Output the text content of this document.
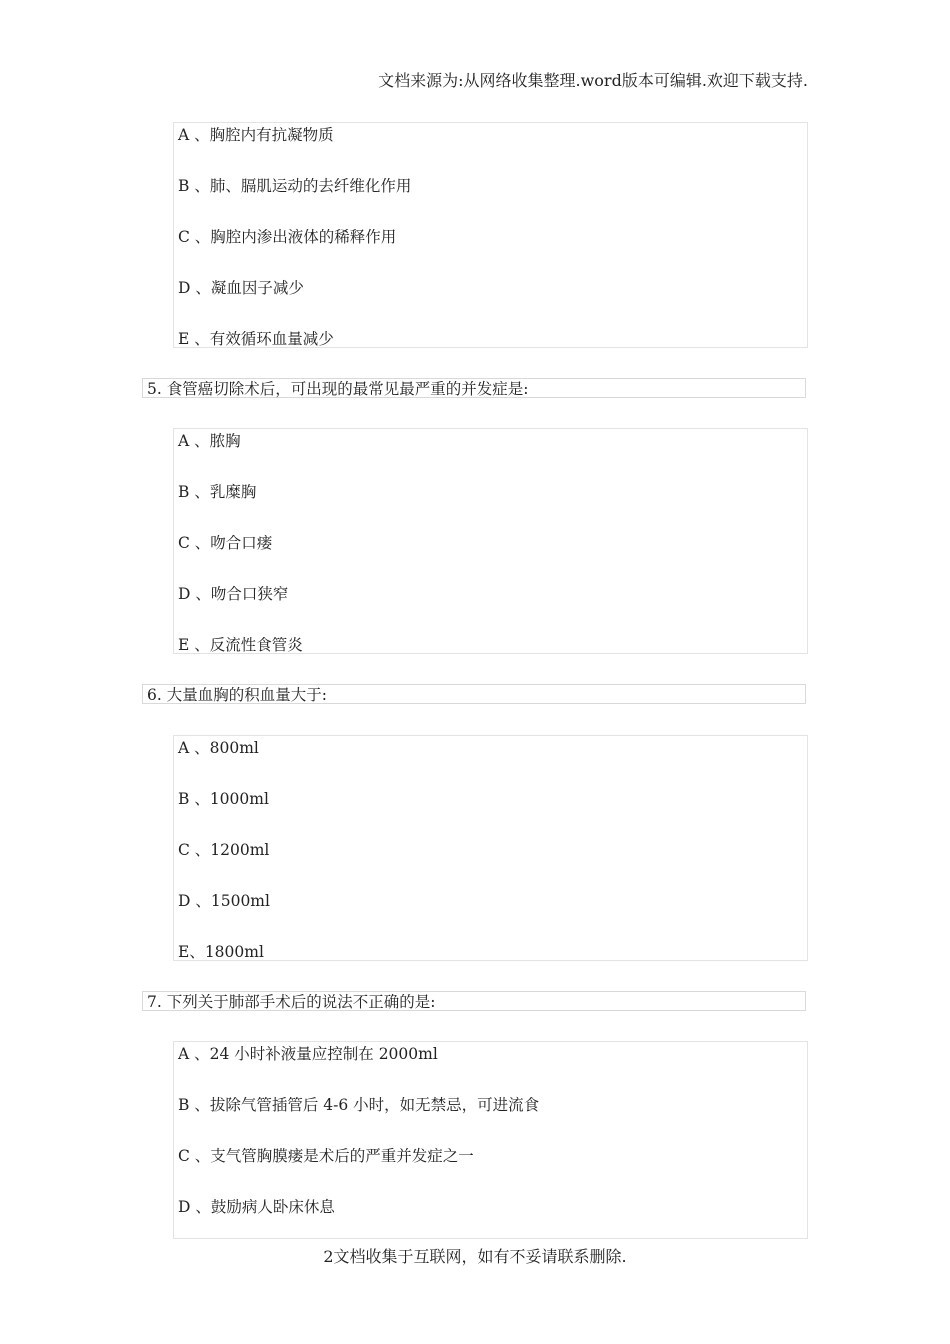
文档来源为:从网络收集整理.word版本可编辑.欢迎下载支持.
A 、胸腔内有抗凝物质
B 、肺、膈肌运动的去纤维化作用
C 、胸腔内渗出液体的稀释作用
D 、凝血因子减少
E 、有效循环血量减少
5. 食管癌切除术后，可出现的最常见最严重的并发症是:
A 、脓胸
B 、乳糜胸
C 、吻合口瘘
D 、吻合口狭窄
E 、反流性食管炎
6. 大量血胸的积血量大于:
A 、800ml
B 、1000ml
C 、1200ml
D 、1500ml
E、1800ml
7. 下列关于肺部手术后的说法不正确的是:
A 、24 小时补液量应控制在 2000ml
B 、拔除气管插管后 4-6 小时，如无禁忌，可进流食
C 、支气管胸膜瘘是术后的严重并发症之一
D 、鼓励病人卧床休息
2文档收集于互联网，如有不妥请联系删除.
